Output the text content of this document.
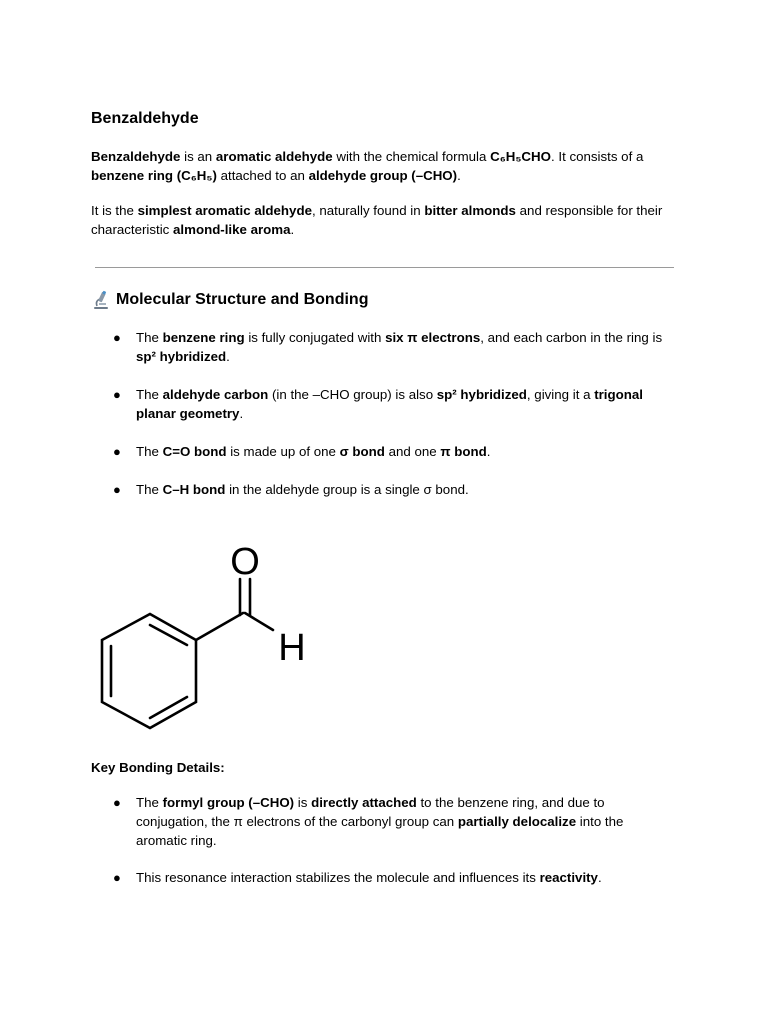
Benzaldehyde

Benzaldehyde is an aromatic aldehyde with the chemical formula C₆H₅CHO. It consists of a benzene ring (C₆H₅) attached to an aldehyde group (–CHO).

It is the simplest aromatic aldehyde, naturally found in bitter almonds and responsible for their characteristic almond-like aroma.

Molecular Structure and Bonding
● The benzene ring is fully conjugated with six π electrons, and each carbon in the ring is sp² hybridized.
● The aldehyde carbon (in the –CHO group) is also sp² hybridized, giving it a trigonal planar geometry.
● The C=O bond is made up of one σ bond and one π bond.
● The C–H bond in the aldehyde group is a single σ bond.
O
H

Key Bonding Details:

● The formyl group (–CHO) is directly attached to the benzene ring, and due to conjugation, the π electrons of the carbonyl group can partially delocalize into the aromatic ring.
● This resonance interaction stabilizes the molecule and influences its reactivity.
